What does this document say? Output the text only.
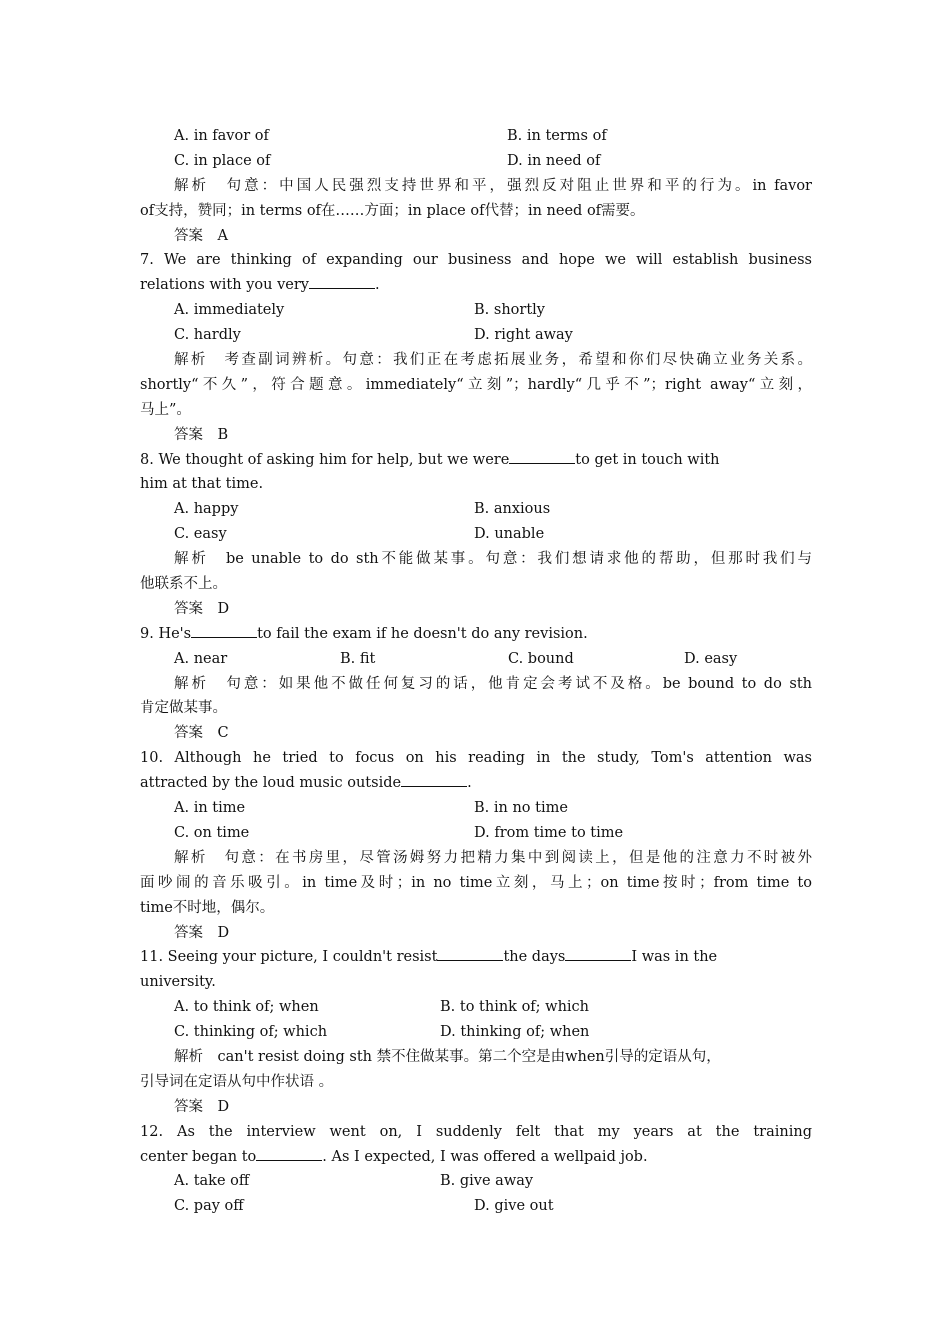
A. in favor of

	B. in terms of

C. in place of

	D. in need of

解析　句意：中国人民强烈支持世界和平，强烈反对阻止世界和平的行为。in favor
of支持，赞同；in terms of在……方面；in place of代替；in need of需要。
答案　A
7. We are thinking of expanding our business and hope we will establish business
relations with you very	.

A. immediately

	B. shortly

C. hardly

	D. right away

解析　考查副词辨析。句意：我们正在考虑拓展业务，希望和你们尽快确立业务关系。
shortly“不久”，符合题意。immediately“立刻”；hardly“几乎不”；right away“立刻，
马上”。
答案　B
8. We thought of asking him for help, but we were	to get in touch with
him at that time.

A. happy

	B. anxious

C. easy

	D. unable

解析　be unable to do sth不能做某事。句意：我们想请求他的帮助，但那时我们与
他联系不上。
答案　D
9. He's	to fail the exam if he doesn't do any revision.

A. near

	B. fit

	C. bound

	D. easy

解析　句意：如果他不做任何复习的话，他肯定会考试不及格。be bound to do sth
肯定做某事。
答案　C
10. Although he tried to focus on his reading in the study, Tom's attention was
attracted by the loud music outside	.

A. in time

	B. in no time

C. on time

	D. from time to time

解析　句意：在书房里，尽管汤姆努力把精力集中到阅读上，但是他的注意力不时被外
面吵闹的音乐吸引。in time及时；in no time立刻，马上；on time按时；from time to
time不时地，偶尔。
答案　D
11. Seeing your picture, I couldn't resist	the days	I was in the
university.

A. to think of; when

	B. to think of; which

C. thinking of; which

	D. thinking of; when

解析　can't resist doing sth 禁不住做某事。第二个空是由when引导的定语从句，
引导词在定语从句中作状语 。
答案　D
12. As the interview went on, I suddenly felt that my years at the training
center began to	. As I expected, I was offered a wellpaid job.

A. take off

	B. give away

C. pay off

	D. give out
